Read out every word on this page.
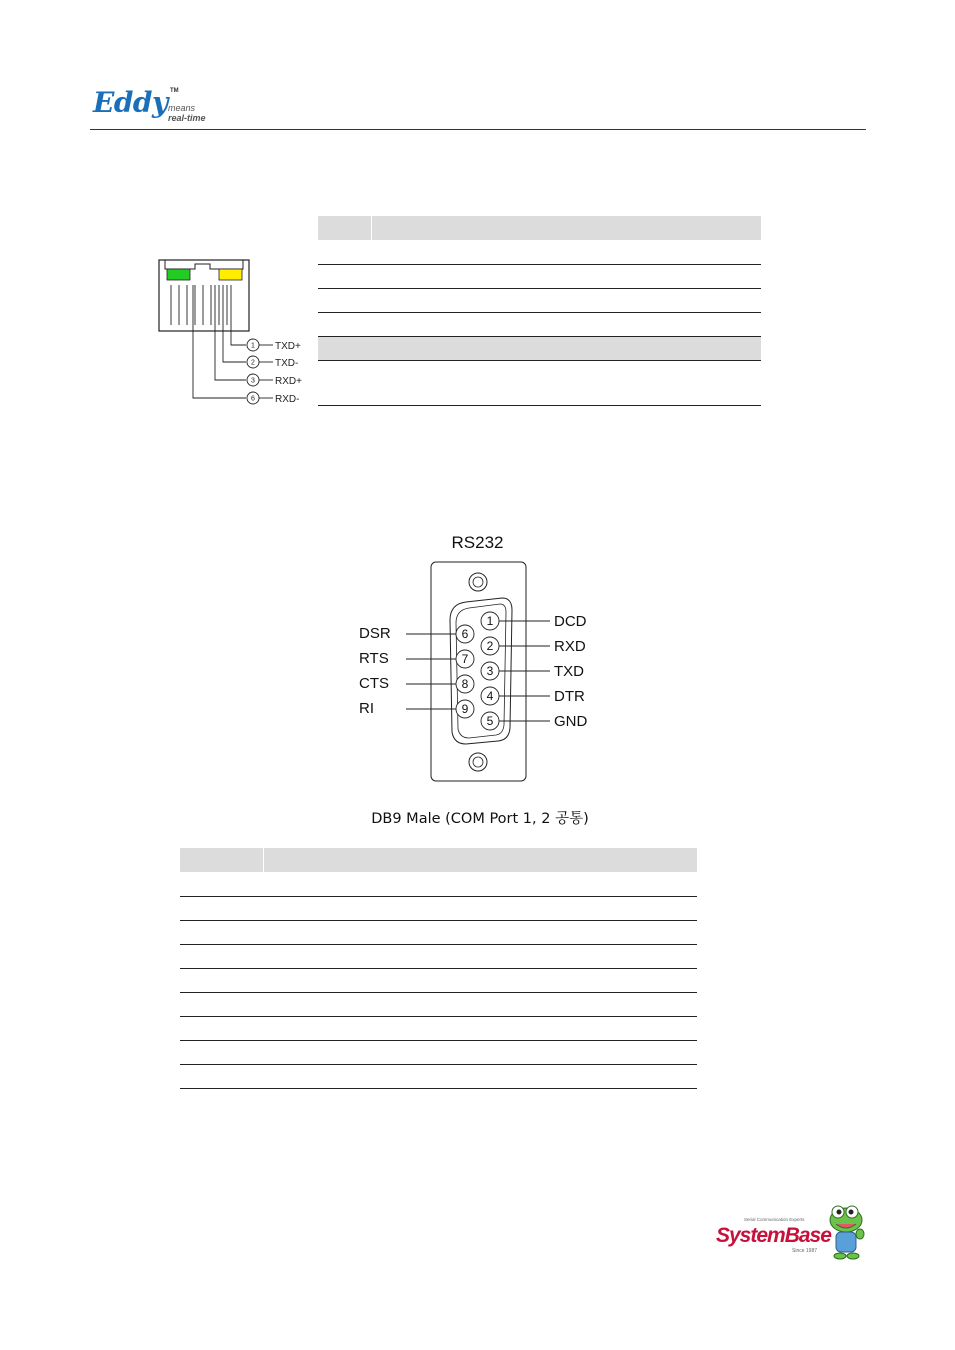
Eddy TM
means
real-time
1
2
3
6
TXD+
TXD-
RXD+
RXD-
RS232
1
2
3
4
5
6
7
8
9
DCD
RXD
TXD
DTR
GND
DSR
RTS
CTS
RI
DB9 Male (COM Port 1, 2 공통)
Serial Communication Experts
SystemBase
Since 1987
